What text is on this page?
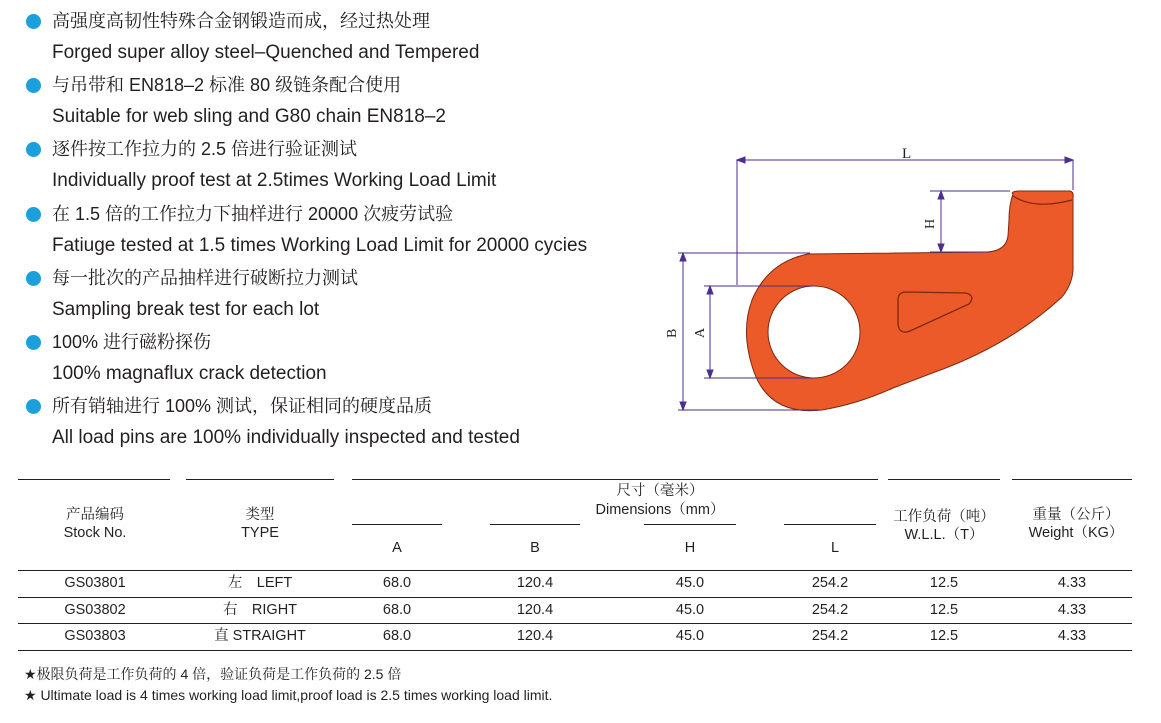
高强度高韧性特殊合金钢锻造而成，经过热处理
Forged super alloy steel–Quenched and Tempered
与吊带和 EN818–2 标准 80 级链条配合使用
Suitable for web sling and G80 chain EN818–2
逐件按工作拉力的 2.5 倍进行验证测试
Individually proof test at 2.5times Working Load Limit
在 1.5 倍的工作拉力下抽样进行 20000 次疲劳试验
Fatiuge tested at 1.5 times Working Load Limit for 20000 cycies
每一批次的产品抽样进行破断拉力测试
Sampling break test for each lot
100% 进行磁粉探伤
100% magnaflux crack detection
所有销轴进行 100% 测试，保证相同的硬度品质
All load pins are 100% individually inspected and tested
L
H
B A
产品编码
Stock No.
类型
TYPE
尺寸（毫米）
Dimensions（mm）
A	B	H	L
工作负荷（吨）
W.L.L.（T）
重量（公斤）
Weight（KG）
GS03801	左　LEFT	68.0	120.4	45.0	254.2	12.5	4.33
GS03802	右　RIGHT	68.0	120.4	45.0	254.2	12.5	4.33
GS03803	直 STRAIGHT	68.0	120.4	45.0	254.2	12.5	4.33
★极限负荷是工作负荷的 4 倍，验证负荷是工作负荷的 2.5 倍
★ Ultimate load is 4 times working load limit,proof load is 2.5 times working load limit.
